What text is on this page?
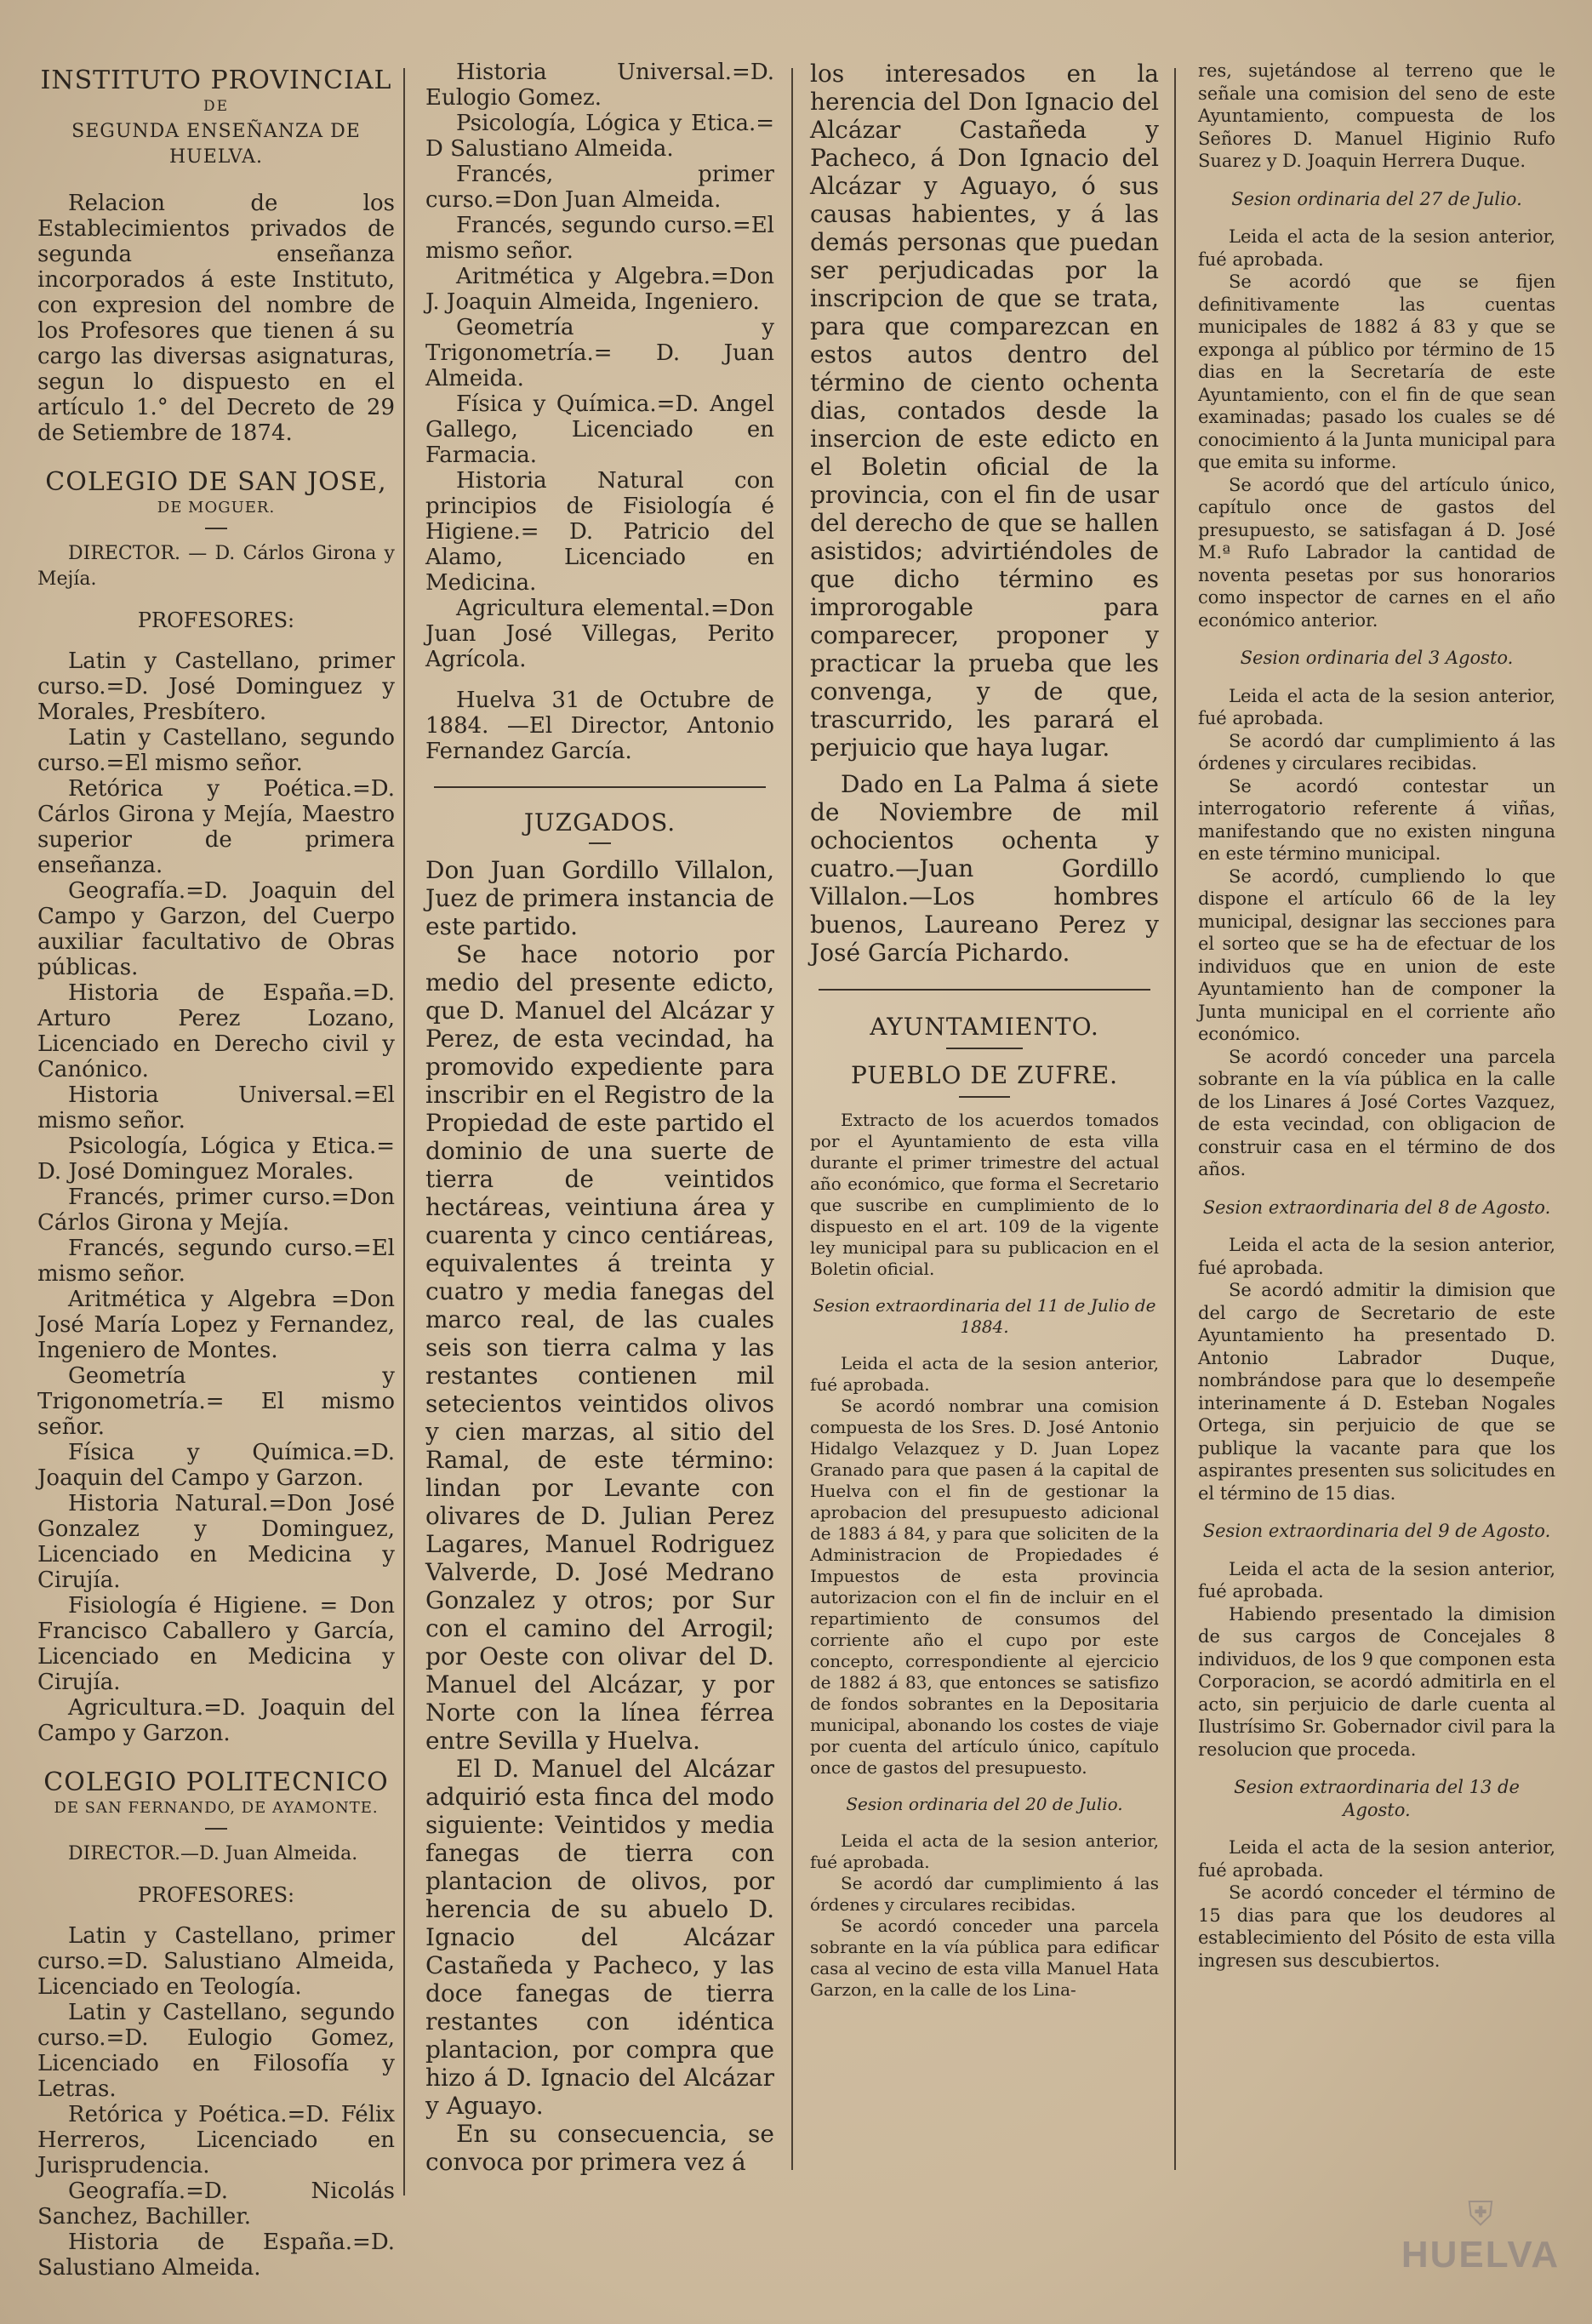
INSTITUTO PROVINCIAL
DE
SEGUNDA ENSEÑANZA DE HUELVA.

Relacion de los Establecimientos privados de segunda enseñanza incorporados á este Instituto, con expresion del nombre de los Profesores que tienen á su cargo las diversas asignaturas, segun lo dispuesto en el artículo 1.° del Decreto de 29 de Setiembre de 1874.

COLEGIO DE SAN JOSE,
DE MOGUER.

DIRECTOR. — D. Cárlos Girona y Mejía.

PROFESORES:

Latin y Castellano, primer curso.=D. José Dominguez y Morales, Presbítero.

Latin y Castellano, segundo curso.=El mismo señor.

Retórica y Poética.=D. Cárlos Girona y Mejía, Maestro superior de primera enseñanza.

Geografía.=D. Joaquin del Campo y Garzon, del Cuerpo auxiliar facultativo de Obras públicas.

Historia de España.=D. Arturo Perez Lozano, Licenciado en Derecho civil y Canónico.

Historia Universal.=El mismo señor.

Psicología, Lógica y Etica.= D. José Dominguez Morales.

Francés, primer curso.=Don Cárlos Girona y Mejía.

Francés, segundo curso.=El mismo señor.

Aritmética y Algebra =Don José María Lopez y Fernandez, Ingeniero de Montes.

Geometría y Trigonometría.= El mismo señor.

Física y Química.=D. Joaquin del Campo y Garzon.

Historia Natural.=Don José Gonzalez y Dominguez, Licenciado en Medicina y Cirujía.

Fisiología é Higiene. = Don Francisco Caballero y García, Licenciado en Medicina y Cirujía.

Agricultura.=D. Joaquin del Campo y Garzon.

COLEGIO POLITECNICO
DE SAN FERNANDO, DE AYAMONTE.

DIRECTOR.—D. Juan Almeida.

PROFESORES:

Latin y Castellano, primer curso.=D. Salustiano Almeida, Licenciado en Teología.

Latin y Castellano, segundo curso.=D. Eulogio Gomez, Licenciado en Filosofía y Letras.

Retórica y Poética.=D. Félix Herreros, Licenciado en Jurisprudencia.

Geografía.=D. Nicolás Sanchez, Bachiller.

Historia de España.=D. Salustiano Almeida.

Historia Universal.=D. Eulogio Gomez.

Psicología, Lógica y Etica.= D Salustiano Almeida.

Francés, primer curso.=Don Juan Almeida.

Francés, segundo curso.=El mismo señor.

Aritmética y Algebra.=Don J. Joaquin Almeida, Ingeniero.

Geometría y Trigonometría.= D. Juan Almeida.

Física y Química.=D. Angel Gallego, Licenciado en Farmacia.

Historia Natural con principios de Fisiología é Higiene.= D. Patricio del Alamo, Licenciado en Medicina.

Agricultura elemental.=Don Juan José Villegas, Perito Agrícola.

Huelva 31 de Octubre de 1884. —El Director, Antonio Fernandez García.

JUZGADOS.

Don Juan Gordillo Villalon, Juez de primera instancia de este partido.

Se hace notorio por medio del presente edicto, que D. Manuel del Alcázar y Perez, de esta vecindad, ha promovido expediente para inscribir en el Registro de la Propiedad de este partido el dominio de una suerte de tierra de veintidos hectáreas, veintiuna área y cuarenta y cinco centiáreas, equivalentes á treinta y cuatro y media fanegas del marco real, de las cuales seis son tierra calma y las restantes contienen mil setecientos veintidos olivos y cien marzas, al sitio del Ramal, de este término: lindan por Levante con olivares de D. Julian Perez Lagares, Manuel Rodriguez Valverde, D. José Medrano Gonzalez y otros; por Sur con el camino del Arrogil; por Oeste con olivar del D. Manuel del Alcázar, y por Norte con la línea férrea entre Sevilla y Huelva.

El D. Manuel del Alcázar adquirió esta finca del modo siguiente: Veintidos y media fanegas de tierra con plantacion de olivos, por herencia de su abuelo D. Ignacio del Alcázar Castañeda y Pacheco, y las doce fanegas de tierra restantes con idéntica plantacion, por compra que hizo á D. Ignacio del Alcázar y Aguayo.

En su consecuencia, se convoca por primera vez á

los interesados en la herencia del Don Ignacio del Alcázar Castañeda y Pacheco, á Don Ignacio del Alcázar y Aguayo, ó sus causas habientes, y á las demás personas que puedan ser perjudicadas por la inscripcion de que se trata, para que comparezcan en estos autos dentro del término de ciento ochenta dias, contados desde la insercion de este edicto en el Boletin oficial de la provincia, con el fin de usar del derecho de que se hallen asistidos; advirtiéndoles de que dicho término es improrogable para comparecer, proponer y practicar la prueba que les convenga, y de que, trascurrido, les parará el perjuicio que haya lugar.

Dado en La Palma á siete de Noviembre de mil ochocientos ochenta y cuatro.—Juan Gordillo Villalon.—Los hombres buenos, Laureano Perez y José García Pichardo.

AYUNTAMIENTO.
PUEBLO DE ZUFRE.

Extracto de los acuerdos tomados por el Ayuntamiento de esta villa durante el primer trimestre del actual año económico, que forma el Secretario que suscribe en cumplimiento de lo dispuesto en el art. 109 de la vigente ley municipal para su publicacion en el Boletin oficial.

Sesion extraordinaria del 11 de Julio de 1884.

Leida el acta de la sesion anterior, fué aprobada.

Se acordó nombrar una comision compuesta de los Sres. D. José Antonio Hidalgo Velazquez y D. Juan Lopez Granado para que pasen á la capital de Huelva con el fin de gestionar la aprobacion del presupuesto adicional de 1883 á 84, y para que soliciten de la Administracion de Propiedades é Impuestos de esta provincia autorizacion con el fin de incluir en el repartimiento de consumos del corriente año el cupo por este concepto, correspondiente al ejercicio de 1882 á 83, que entonces se satisfizo de fondos sobrantes en la Depositaria municipal, abonando los costes de viaje por cuenta del artículo único, capítulo once de gastos del presupuesto.

Sesion ordinaria del 20 de Julio.

Leida el acta de la sesion anterior, fué aprobada.

Se acordó dar cumplimiento á las órdenes y circulares recibidas.

Se acordó conceder una parcela sobrante en la vía pública para edificar casa al vecino de esta villa Manuel Hata Garzon, en la calle de los Lina-

res, sujetándose al terreno que le señale una comision del seno de este Ayuntamiento, compuesta de los Señores D. Manuel Higinio Rufo Suarez y D. Joaquin Herrera Duque.

Sesion ordinaria del 27 de Julio.

Leida el acta de la sesion anterior, fué aprobada.

Se acordó que se fijen definitivamente las cuentas municipales de 1882 á 83 y que se exponga al público por término de 15 dias en la Secretaría de este Ayuntamiento, con el fin de que sean examinadas; pasado los cuales se dé conocimiento á la Junta municipal para que emita su informe.

Se acordó que del artículo único, capítulo once de gastos del presupuesto, se satisfagan á D. José M.ª Rufo Labrador la cantidad de noventa pesetas por sus honorarios como inspector de carnes en el año económico anterior.

Sesion ordinaria del 3 Agosto.

Leida el acta de la sesion anterior, fué aprobada.

Se acordó dar cumplimiento á las órdenes y circulares recibidas.

Se acordó contestar un interrogatorio referente á viñas, manifestando que no existen ninguna en este término municipal.

Se acordó, cumpliendo lo que dispone el artículo 66 de la ley municipal, designar las secciones para el sorteo que se ha de efectuar de los individuos que en union de este Ayuntamiento han de componer la Junta municipal en el corriente año económico.

Se acordó conceder una parcela sobrante en la vía pública en la calle de los Linares á José Cortes Vazquez, de esta vecindad, con obligacion de construir casa en el término de dos años.

Sesion extraordinaria del 8 de Agosto.

Leida el acta de la sesion anterior, fué aprobada.

Se acordó admitir la dimision que del cargo de Secretario de este Ayuntamiento ha presentado D. Antonio Labrador Duque, nombrándose para que lo desempeñe interinamente á D. Esteban Nogales Ortega, sin perjuicio de que se publique la vacante para que los aspirantes presenten sus solicitudes en el término de 15 dias.

Sesion extraordinaria del 9 de Agosto.

Leida el acta de la sesion anterior, fué aprobada.

Habiendo presentado la dimision de sus cargos de Concejales 8 individuos, de los 9 que componen esta Corporacion, se acordó admitirla en el acto, sin perjuicio de darle cuenta al Ilustrísimo Sr. Gobernador civil para la resolucion que proceda.

Sesion extraordinaria del 13 de Agosto.

Leida el acta de la sesion anterior, fué aprobada.

Se acordó conceder el término de 15 dias para que los deudores al establecimiento del Pósito de esta villa ingresen sus descubiertos.

⛨
HUELVA
